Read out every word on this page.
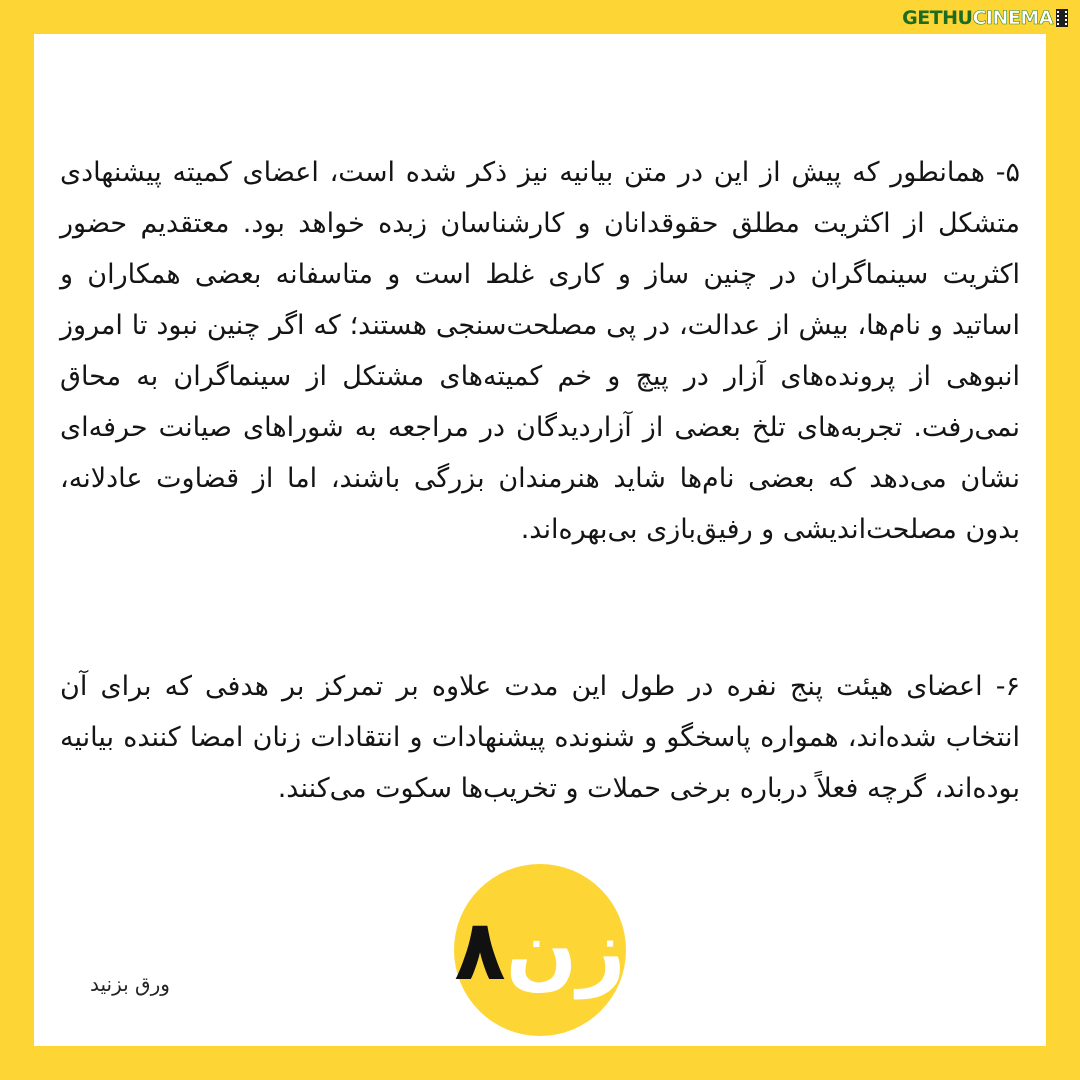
GETHU CINEMA

۵- همانطور که پیش از این در متن بیانیه نیز ذکر شده است، اعضای کمیته پیشنهادی متشکل از اکثریت مطلق حقوقدانان و کارشناسان زبده خواهد بود. معتقدیم حضور اکثریت سینماگران در چنین ساز و کاری غلط است و متاسفانه بعضی همکاران و اساتید و نام‌ها، بیش از عدالت، در پی مصلحت‌سنجی هستند؛ که اگر چنین نبود تا امروز انبوهی از پرونده‌های آزار در پیچ و خم کمیته‌های مشتکل از سینماگران به محاق نمی‌رفت. تجربه‌های تلخ بعضی از آزاردیدگان در مراجعه به شوراهای صیانت حرفه‌ای نشان می‌دهد که بعضی نام‌ها شاید هنرمندان بزرگی باشند، اما از قضاوت عادلانه، بدون مصلحت‌اندیشی و رفیق‌بازی بی‌بهره‌اند.

۶- اعضای هیئت پنج نفره در طول این مدت علاوه بر تمرکز بر هدفی که برای آن انتخاب شده‌اند، همواره پاسخگو و شنونده پیشنهادات و انتقادات زنان امضا کننده بیانیه بوده‌اند، گرچه فعلاً درباره برخی حملات و تخریب‌ها سکوت می‌کنند.

زن۸
ورق بزنید
